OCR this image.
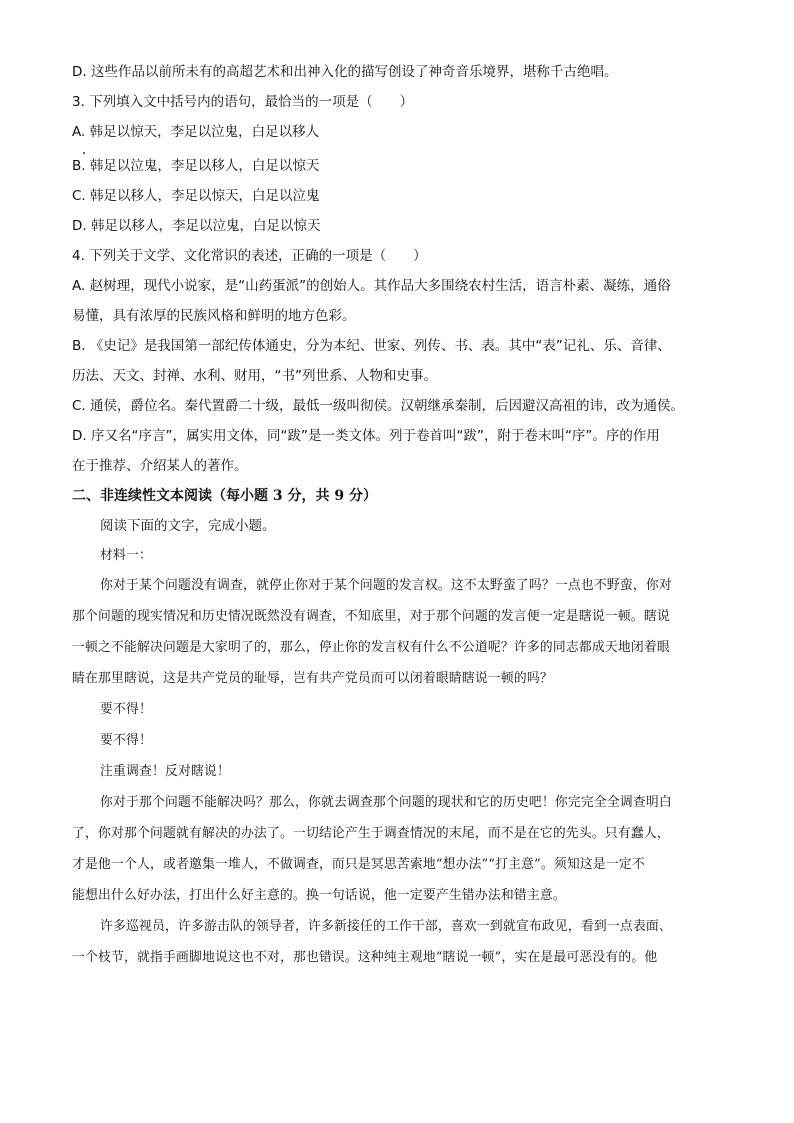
D. 这些作品以前所未有的高超艺术和出神入化的描写创设了神奇音乐境界，堪称千古绝唱。
3. 下列填入文中括号内的语句，最恰当的一项是（　　）
A. 韩足以惊天，李足以泣鬼，白足以移人
B. 韩足以泣鬼，李足以移人，白足以惊天
C. 韩足以移人，李足以惊天，白足以泣鬼
D. 韩足以移人，李足以泣鬼，白足以惊天
4. 下列关于文学、文化常识的表述，正确的一项是（　　）
A. 赵树理，现代小说家，是“山药蛋派”的创始人。其作品大多围绕农村生活，语言朴素、凝练，通俗
易懂，具有浓厚的民族风格和鲜明的地方色彩。
B. 《史记》是我国第一部纪传体通史，分为本纪、世家、列传、书、表。其中“表”记礼、乐、音律、
历法、天文、封禅、水利、财用，“书”列世系、人物和史事。
C. 通侯，爵位名。秦代置爵二十级，最低一级叫彻侯。汉朝继承秦制，后因避汉高祖的讳，改为通侯。
D. 序又名“序言”，属实用文体，同“跋”是一类文体。列于卷首叫“跋”，附于卷末叫“序”。序的作用
在于推荐、介绍某人的著作。
二、非连续性文本阅读（每小题 3 分，共 9 分）
阅读下面的文字，完成小题。
材料一：
你对于某个问题没有调查，就停止你对于某个问题的发言权。这不太野蛮了吗？一点也不野蛮，你对
那个问题的现实情况和历史情况既然没有调查，不知底里，对于那个问题的发言便一定是瞎说一顿。瞎说
一顿之不能解决问题是大家明了的，那么，停止你的发言权有什么不公道呢？许多的同志都成天地闭着眼
睛在那里瞎说，这是共产党员的耻辱，岂有共产党员而可以闭着眼睛瞎说一顿的吗？
要不得！
要不得！
注重调查！反对瞎说！
你对于那个问题不能解决吗？那么，你就去调查那个问题的现状和它的历史吧！你完完全全调查明白
了，你对那个问题就有解决的办法了。一切结论产生于调查情况的末尾，而不是在它的先头。只有蠢人，
才是他一个人，或者邀集一堆人，不做调查，而只是冥思苦索地“想办法”“打主意”。须知这是一定不
能想出什么好办法，打出什么好主意的。换一句话说，他一定要产生错办法和错主意。
许多巡视员，许多游击队的领导者，许多新接任的工作干部，喜欢一到就宣布政见，看到一点表面、
一个枝节，就指手画脚地说这也不对，那也错误。这种纯主观地“瞎说一顿”，实在是最可恶没有的。他
